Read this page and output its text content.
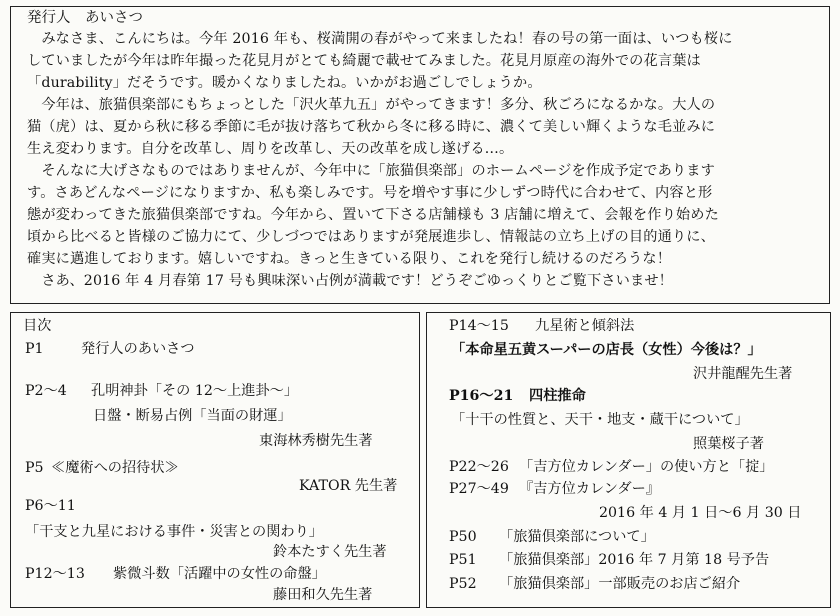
発行人　あいさつ
　みなさま、こんにちは。今年 2016 年も、桜満開の春がやって来ましたね！春の号の第一面は、いつも桜に
していましたが今年は昨年撮った花見月がとても綺麗で載せてみました。花見月原産の海外での花言葉は
「durability」だそうです。暖かくなりましたね。いかがお過ごしでしょうか。
　今年は、旅猫倶楽部にもちょっとした「沢火革九五」がやってきます！多分、秋ごろになるかな。大人の
猫（虎）は、夏から秋に移る季節に毛が抜け落ちて秋から冬に移る時に、濃くて美しい輝くような毛並みに
生え変わります。自分を改革し、周りを改革し、天の改革を成し遂げる…。
　そんなに大げさなものではありませんが、今年中に「旅猫倶楽部」のホームページを作成予定であります
す。さあどんなページになりますか、私も楽しみです。号を増やす事に少しずつ時代に合わせて、内容と形
態が変わってきた旅猫倶楽部ですね。今年から、置いて下さる店舗様も 3 店舗に増えて、会報を作り始めた
頃から比べると皆様のご協力にて、少しづつではありますが発展進歩し、情報誌の立ち上げの目的通りに、
確実に邁進しております。嬉しいですね。きっと生きている限り、これを発行し続けるのだろうな！
　さあ、2016 年 4 月春第 17 号も興味深い占例が満載です！どうぞごゆっくりとご覧下さいませ！
目次
P1	発行人のあいさつ
P2～4 孔明神卦「その 12～上進卦～」
日盤・断易占例「当面の財運」
東海林秀樹先生著
P5 ≪魔術への招待状≫
KATOR 先生著
P6～11
「干支と九星における事件・災害との関わり」
鈴本たすく先生著
P12～13 紫微斗数「活躍中の女性の命盤」
藤田和久先生著
P14～15 九星術と傾斜法
「本命星五黄スーパーの店長（女性）今後は？」
沢井龍醒先生著
P16～21 四柱推命
「十干の性質と、天干・地支・蔵干について」
照葉桜子著
P22～26 「吉方位カレンダー」の使い方と「掟」
P27～49 『吉方位カレンダー』
2016 年 4 月 1 日～6 月 30 日
P50 「旅猫倶楽部について」
P51 「旅猫倶楽部」2016 年 7 月第 18 号予告
P52 「旅猫倶楽部」一部販売のお店ご紹介
